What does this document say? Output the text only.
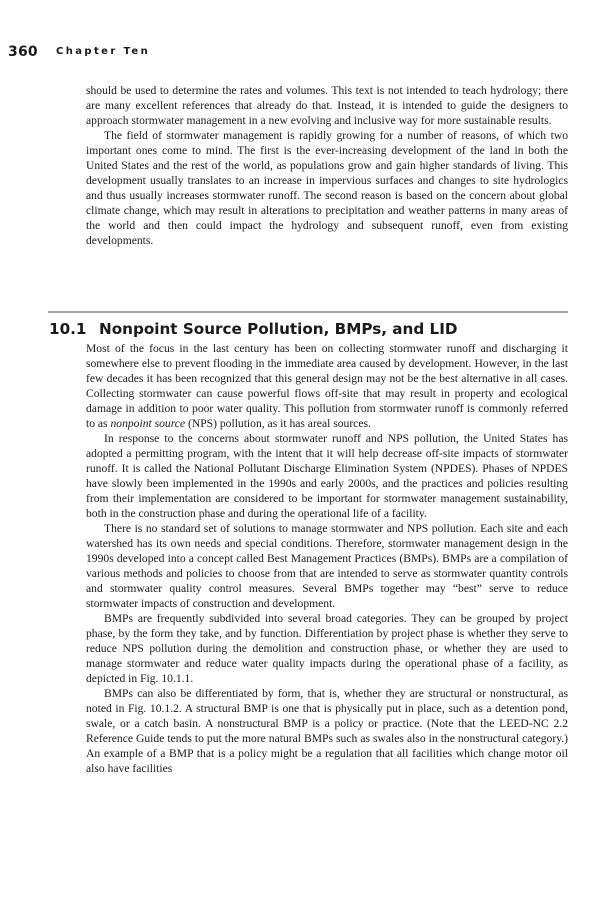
360 Chapter Ten

should be used to determine the rates and volumes. This text is not intended to teach hydrology; there are many excellent references that already do that. Instead, it is intended to guide the designers to approach stormwater management in a new evolving and inclusive way for more sustainable results.

The field of stormwater management is rapidly growing for a number of reasons, of which two important ones come to mind. The first is the ever-increasing development of the land in both the United States and the rest of the world, as populations grow and gain higher standards of living. This development usually translates to an increase in impervious surfaces and changes to site hydrologics and thus usually increases stormwater runoff. The second reason is based on the concern about global climate change, which may result in alterations to precipitation and weather patterns in many areas of the world and then could impact the hydrology and subsequent runoff, even from existing developments.

10.1 Nonpoint Source Pollution, BMPs, and LID

Most of the focus in the last century has been on collecting stormwater runoff and discharging it somewhere else to prevent flooding in the immediate area caused by development. However, in the last few decades it has been recognized that this general design may not be the best alternative in all cases. Collecting stormwater can cause powerful flows off-site that may result in property and ecological damage in addition to poor water quality. This pollution from stormwater runoff is commonly referred to as nonpoint source (NPS) pollution, as it has areal sources.

In response to the concerns about stormwater runoff and NPS pollution, the United States has adopted a permitting program, with the intent that it will help decrease off-site impacts of stormwater runoff. It is called the National Pollutant Discharge Elimination System (NPDES). Phases of NPDES have slowly been implemented in the 1990s and early 2000s, and the practices and policies resulting from their implementation are considered to be important for stormwater management sustainability, both in the construction phase and during the operational life of a facility.

There is no standard set of solutions to manage stormwater and NPS pollution. Each site and each watershed has its own needs and special conditions. Therefore, stormwater management design in the 1990s developed into a concept called Best Management Practices (BMPs). BMPs are a compilation of various methods and policies to choose from that are intended to serve as stormwater quantity controls and stormwater quality control measures. Several BMPs together may “best” serve to reduce stormwater impacts of construction and development.

BMPs are frequently subdivided into several broad categories. They can be grouped by project phase, by the form they take, and by function. Differentiation by project phase is whether they serve to reduce NPS pollution during the demolition and construction phase, or whether they are used to manage stormwater and reduce water quality impacts during the operational phase of a facility, as depicted in Fig. 10.1.1.

BMPs can also be differentiated by form, that is, whether they are structural or nonstructural, as noted in Fig. 10.1.2. A structural BMP is one that is physically put in place, such as a detention pond, swale, or a catch basin. A nonstructural BMP is a policy or practice. (Note that the LEED-NC 2.2 Reference Guide tends to put the more natural BMPs such as swales also in the nonstructural category.) An example of a BMP that is a policy might be a regulation that all facilities which change motor oil also have facilities
